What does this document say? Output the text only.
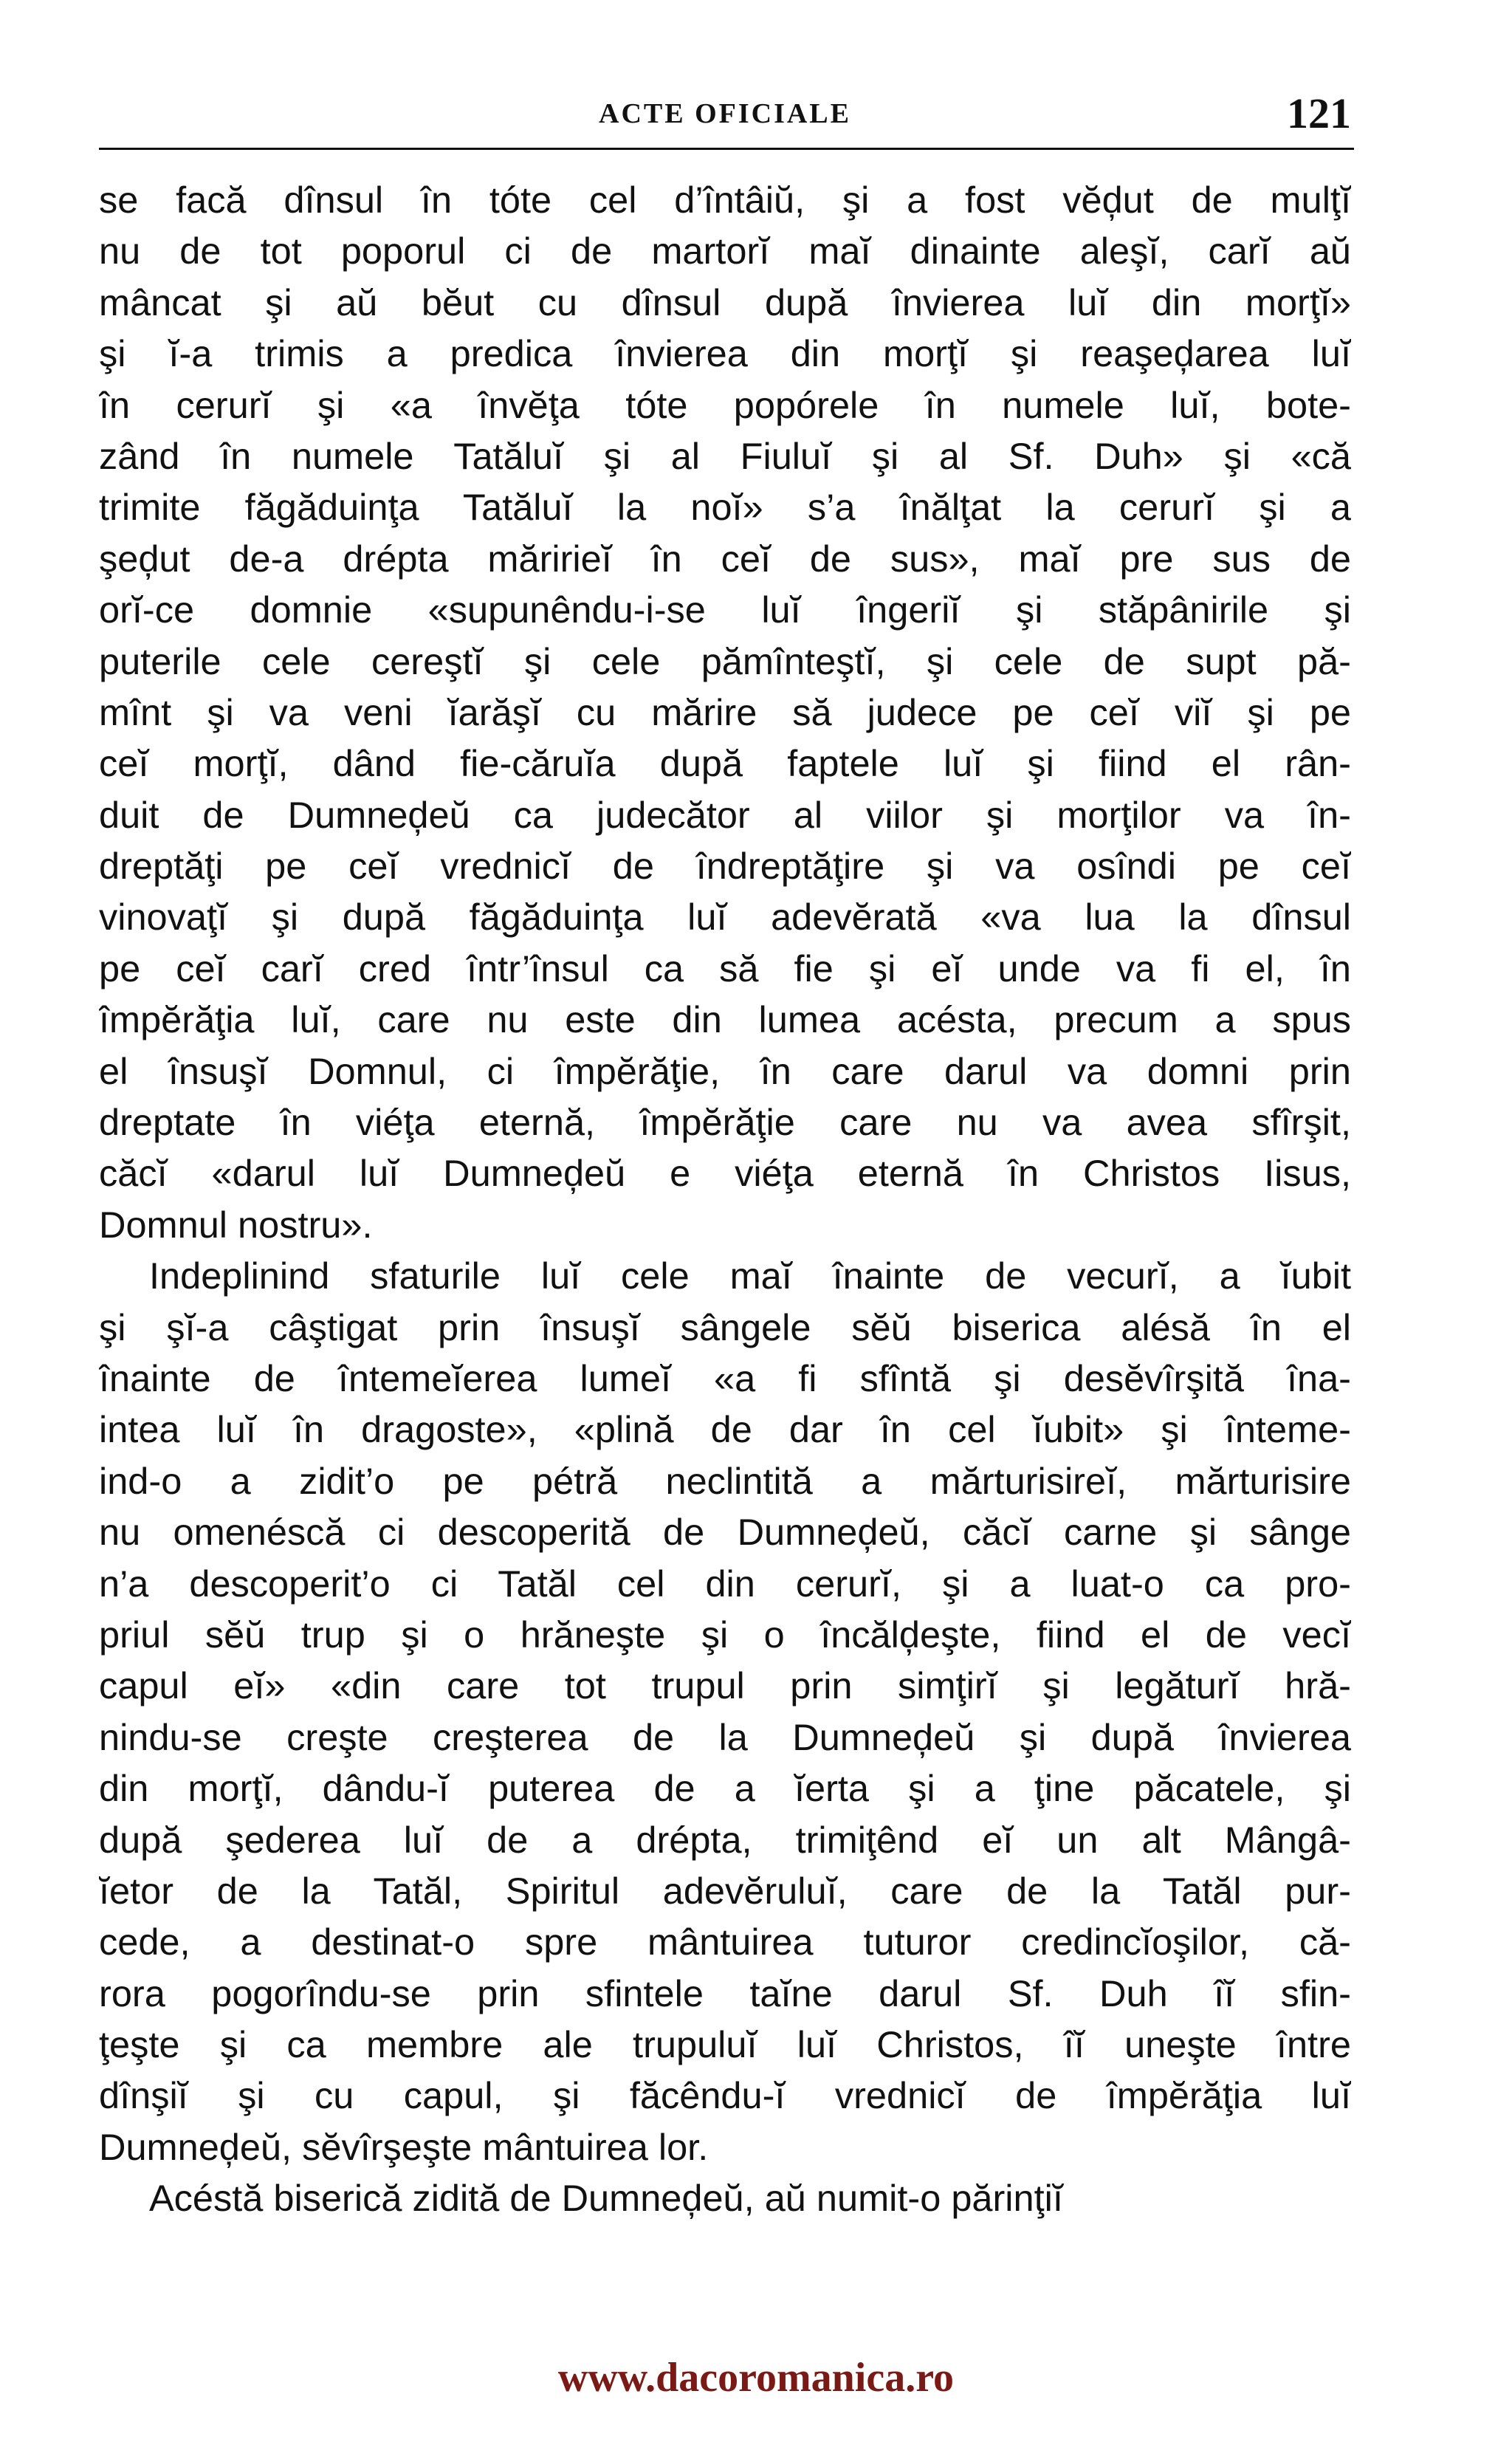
ACTE OFICIALE	121
se facă dînsul în tóte cel d’întâiŭ, şi a fost vĕḑut de mulţĭ
nu de tot poporul ci de martorĭ maĭ dinainte aleşĭ, carĭ aŭ
mâncat şi aŭ bĕut cu dînsul după învierea luĭ din morţĭ»
şi ĭ-a trimis a predica învierea din morţĭ şi reaşeḑarea luĭ
în cerurĭ şi «a învĕţa tóte popórele în numele luĭ, bote-
zând în numele Tatăluĭ şi al Fiuluĭ şi al Sf. Duh» şi «că
trimite făgăduinţa Tatăluĭ la noĭ» s’a înălţat la cerurĭ şi a
şeḑut de-a drépta măririeĭ în ceĭ de sus», maĭ pre sus de
orĭ-ce domnie «supunêndu-i-se luĭ îngeriĭ şi stăpânirile şi
puterile cele cereştĭ şi cele pămînteştĭ, şi cele de supt pă-
mînt şi va veni ĭarăşĭ cu mărire să judece pe ceĭ viĭ şi pe
ceĭ morţĭ, dând fie-căruĭa după faptele luĭ şi fiind el rân-
duit de Dumneḑeŭ ca judecător al viilor şi morţilor va în-
dreptăţi pe ceĭ vrednicĭ de îndreptăţire şi va osîndi pe ceĭ
vinovaţĭ şi după făgăduinţa luĭ adevĕrată «va lua la dînsul
pe ceĭ carĭ cred într’însul ca să fie şi eĭ unde va fi el, în
împĕrăţia luĭ, care nu este din lumea acésta, precum a spus
el însuşĭ Domnul, ci împĕrăţie, în care darul va domni prin
dreptate în viéţa eternă, împĕrăţie care nu va avea sfîrşit,
căcĭ «darul luĭ Dumneḑeŭ e viéţa eternă în Christos Iisus,
Domnul nostru».
Indeplinind sfaturile luĭ cele maĭ înainte de vecurĭ, a ĭubit
şi şĭ-a câştigat prin însuşĭ sângele sĕŭ biserica alésă în el
înainte de întemeĭerea lumeĭ «a fi sfîntă şi desĕvîrşită îna-
intea luĭ în dragoste», «plină de dar în cel ĭubit» şi înteme-
ind-o a zidit’o pe pétră neclintită a mărturisireĭ, mărturisire
nu omenéscă ci descoperită de Dumneḑeŭ, căcĭ carne şi sânge
n’a descoperit’o ci Tatăl cel din cerurĭ, şi a luat-o ca pro-
priul sĕŭ trup şi o hrăneşte şi o încălḑeşte, fiind el de vecĭ
capul eĭ» «din care tot trupul prin simţirĭ şi legăturĭ hră-
nindu-se creşte creşterea de la Dumneḑeŭ şi după învierea
din morţĭ, dându-ĭ puterea de a ĭerta şi a ţine păcatele, şi
după şederea luĭ de a drépta, trimiţênd eĭ un alt Mângâ-
ĭetor de la Tatăl, Spiritul adevĕruluĭ, care de la Tatăl pur-
cede, a destinat-o spre mântuirea tuturor credincĭoşilor, că-
rora pogorîndu-se prin sfintele taĭne darul Sf. Duh îĭ sfin-
ţeşte şi ca membre ale trupuluĭ luĭ Christos, îĭ uneşte între
dînşiĭ şi cu capul, şi făcêndu-ĭ vrednicĭ de împĕrăţia luĭ
Dumneḑeŭ, sĕvîrşeşte mântuirea lor.
Acéstă biserică zidită de Dumneḑeŭ, aŭ numit-o părinţiĭ
www.dacoromanica.ro
